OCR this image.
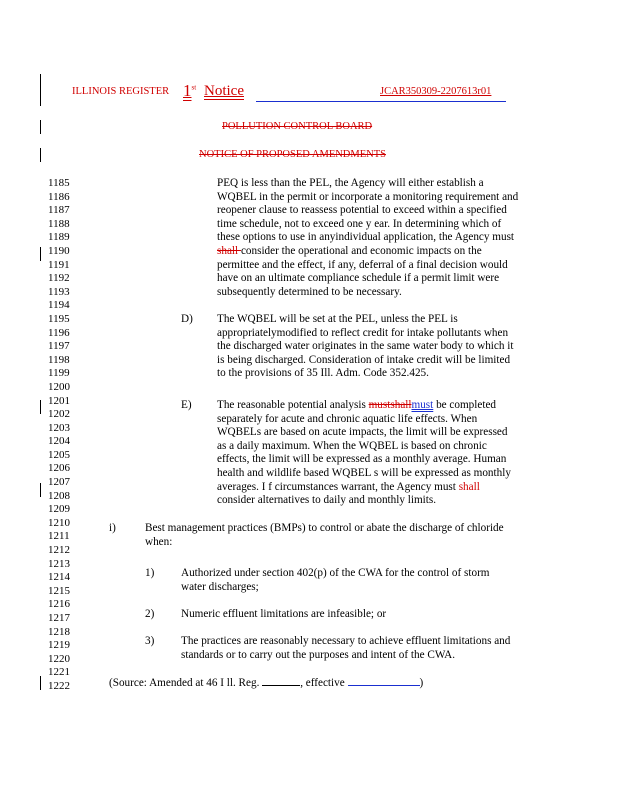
ILLINOIS REGISTER 1st Notice	JCAR350309-2207613r01
POLLUTION CONTROL BOARD
NOTICE OF PROPOSED AMENDMENTS
1185
1186
1187
1188
1189
1190
1191
1192
1193
1194
1195
1196
1197
1198
1199
1200
1201
1202
1203
1204
1205
1206
1207
1208
1209
1210
1211
1212
1213
1214
1215
1216
1217
1218
1219
1220
1221
1222
PEQ is less than the PEL, the Agency will either establish a
WQBEL in the permit or incorporate a monitoring requirement and
reopener clause to reassess potential to exceed within a specified
time schedule, not to exceed one y ear. In determining which of
these options to use in anyindividual application, the Agency must
shall consider the operational and economic impacts on the
permittee and the effect, if any, deferral of a final decision would
have on an ultimate compliance schedule if a permit limit were
subsequently determined to be necessary.
D) The WQBEL will be set at the PEL, unless the PEL is
appropriatelymodified to reflect credit for intake pollutants when
the discharged water originates in the same water body to which it
is being discharged. Consideration of intake credit will be limited
to the provisions of 35 Ill. Adm. Code 352.425.
E) The reasonable potential analysis mustshallmust be completed
separately for acute and chronic aquatic life effects. When
WQBELs are based on acute impacts, the limit will be expressed
as a daily maximum. When the WQBEL is based on chronic
effects, the limit will be expressed as a monthly average. Human
health and wildlife based WQBEL s will be expressed as monthly
averages. I f circumstances warrant, the Agency must shall
consider alternatives to daily and monthly limits.
i)	Best management practices (BMPs) to control or abate the discharge of chloride
when:
1) Authorized under section 402(p) of the CWA for the control of storm
water discharges;
2) Numeric effluent limitations are infeasible; or
3) The practices are reasonably necessary to achieve effluent limitations and
standards or to carry out the purposes and intent of the CWA.
(Source: Amended at 46 I ll. Reg.	, effective	)
